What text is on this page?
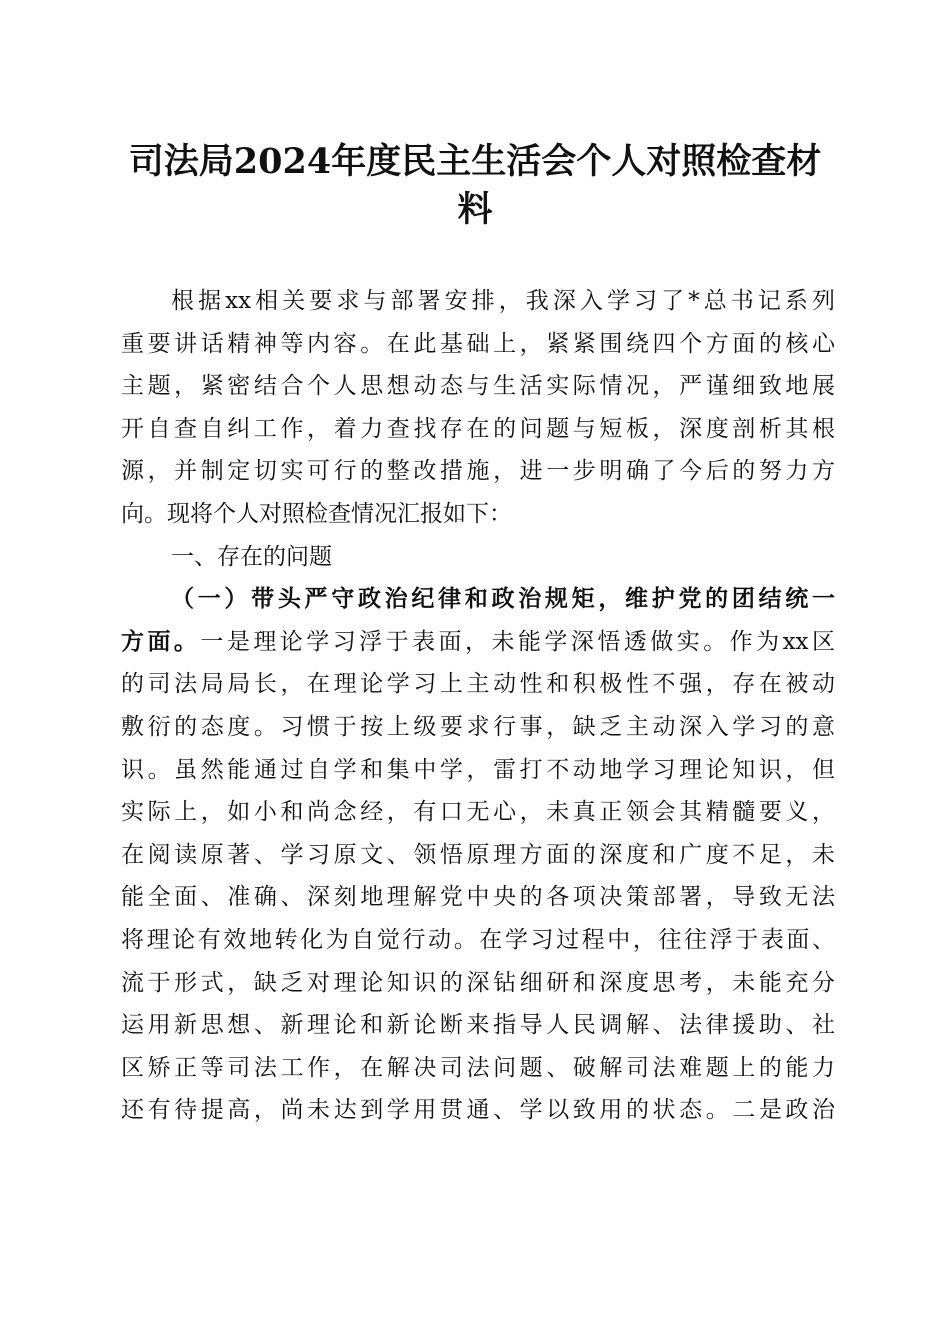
司法局2024年度民主生活会个人对照检查材
料
根据xx相关要求与部署安排，我深入学习了*总书记系列
重要讲话精神等内容。在此基础上，紧紧围绕四个方面的核心
主题，紧密结合个人思想动态与生活实际情况，严谨细致地展
开自查自纠工作，着力查找存在的问题与短板，深度剖析其根
源，并制定切实可行的整改措施，进一步明确了今后的努力方
向。现将个人对照检查情况汇报如下：
一、存在的问题
（一）带头严守政治纪律和政治规矩，维护党的团结统一
方面。一是理论学习浮于表面，未能学深悟透做实。作为xx区
的司法局局长，在理论学习上主动性和积极性不强，存在被动
敷衍的态度。习惯于按上级要求行事，缺乏主动深入学习的意
识。虽然能通过自学和集中学，雷打不动地学习理论知识，但
实际上，如小和尚念经，有口无心，未真正领会其精髓要义，
在阅读原著、学习原文、领悟原理方面的深度和广度不足，未
能全面、准确、深刻地理解党中央的各项决策部署，导致无法
将理论有效地转化为自觉行动。在学习过程中，往往浮于表面、
流于形式，缺乏对理论知识的深钻细研和深度思考，未能充分
运用新思想、新理论和新论断来指导人民调解、法律援助、社
区矫正等司法工作，在解决司法问题、破解司法难题上的能力
还有待提高，尚未达到学用贯通、学以致用的状态。二是政治
